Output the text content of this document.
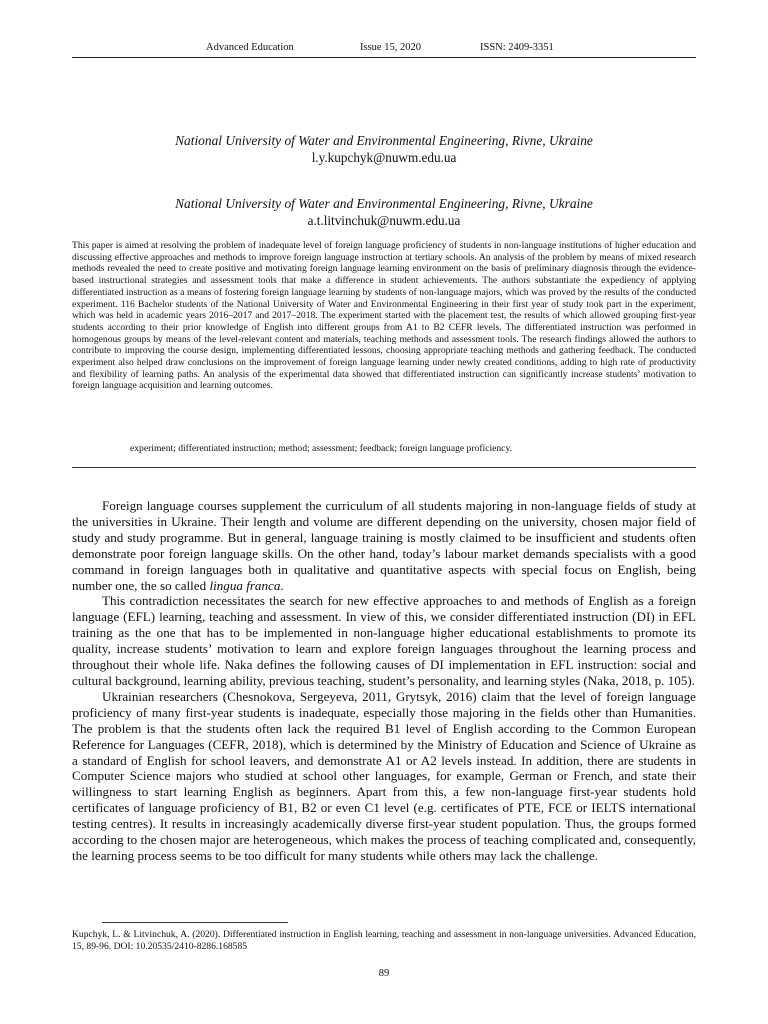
Advanced Education	Issue 15, 2020	ISSN: 2409-3351
National University of Water and Environmental Engineering, Rivne, Ukraine
l.y.kupchyk@nuwm.edu.ua
National University of Water and Environmental Engineering, Rivne, Ukraine
a.t.litvinchuk@nuwm.edu.ua

This paper is aimed at resolving the problem of inadequate level of foreign language proficiency of students in non-language institutions of higher education and discussing effective approaches and methods to improve foreign language instruction at tertiary schools. An analysis of the problem by means of mixed research methods revealed the need to create positive and motivating foreign language learning environment on the basis of preliminary diagnosis through the evidence-based instructional strategies and assessment tools that make a difference in student achievements. The authors substantiate the expediency of applying differentiated instruction as a means of fostering foreign language learning by students of non-language majors, which was proved by the results of the conducted experiment. 116 Bachelor students of the National University of Water and Environmental Engineering in their first year of study took part in the experiment, which was held in academic years 2016–2017 and 2017–2018. The experiment started with the placement test, the results of which allowed grouping first-year students according to their prior knowledge of English into different groups from A1 to B2 CEFR levels. The differentiated instruction was performed in homogenous groups by means of the level-relevant content and materials, teaching methods and assessment tools. The research findings allowed the authors to contribute to improving the course design, implementing differentiated lessons, choosing appropriate teaching methods and gathering feedback. The conducted experiment also helped draw conclusions on the improvement of foreign language learning under newly created conditions, adding to high rate of productivity and flexibility of learning paths. An analysis of the experimental data showed that differentiated instruction can significantly increase students’ motivation to foreign language acquisition and learning outcomes.

experiment; differentiated instruction; method; assessment; feedback; foreign language proficiency.

Foreign language courses supplement the curriculum of all students majoring in non-language fields of study at the universities in Ukraine. Their length and volume are different depending on the university, chosen major field of study and study programme. But in general, language training is mostly claimed to be insufficient and students often demonstrate poor foreign language skills. On the other hand, today’s labour market demands specialists with a good command in foreign languages both in qualitative and quantitative aspects with special focus on English, being number one, the so called lingua franca.

This contradiction necessitates the search for new effective approaches to and methods of English as a foreign language (EFL) learning, teaching and assessment. In view of this, we consider differentiated instruction (DI) in EFL training as the one that has to be implemented in non-language higher educational establishments to promote its quality, increase students’ motivation to learn and explore foreign languages throughout the learning process and throughout their whole life. Naka defines the following causes of DI implementation in EFL instruction: social and cultural background, learning ability, previous teaching, student’s personality, and learning styles (Naka, 2018, p. 105).

Ukrainian researchers (Chesnokova, Sergeyeva, 2011, Grytsyk, 2016) claim that the level of foreign language proficiency of many first-year students is inadequate, especially those majoring in the fields other than Humanities. The problem is that the students often lack the required B1 level of English according to the Common European Reference for Languages (CEFR, 2018), which is determined by the Ministry of Education and Science of Ukraine as a standard of English for school leavers, and demonstrate A1 or A2 levels instead. In addition, there are students in Computer Science majors who studied at school other languages, for example, German or French, and state their willingness to start learning English as beginners. Apart from this, a few non-language first-year students hold certificates of language proficiency of B1, B2 or even C1 level (e.g. certificates of PTE, FCE or IELTS international testing centres). It results in increasingly academically diverse first-year student population. Thus, the groups formed according to the chosen major are heterogeneous, which makes the process of teaching complicated and, consequently, the learning process seems to be too difficult for many students while others may lack the challenge.

Kupchyk, L. & Litvinchuk, A. (2020). Differentiated instruction in English learning, teaching and assessment in non-language universities. Advanced Education, 15, 89-96. DOI: 10.20535/2410-8286.168585

89
